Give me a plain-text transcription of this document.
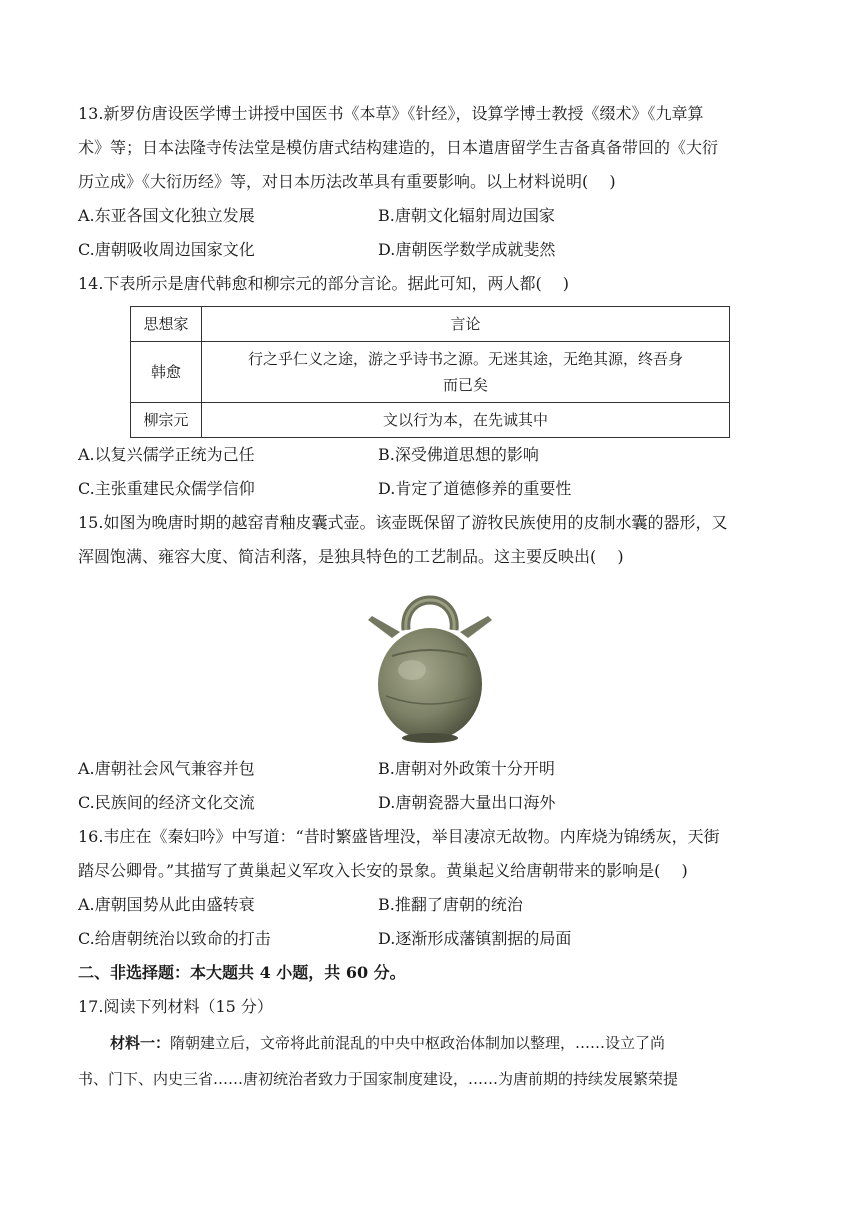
13.新罗仿唐设医学博士讲授中国医书《本草》《针经》，设算学博士教授《缀术》《九章算
术》等；日本法隆寺传法堂是模仿唐式结构建造的，日本遣唐留学生吉备真备带回的《大衍
历立成》《大衍历经》等，对日本历法改革具有重要影响。以上材料说明(　 )
A.东亚各国文化独立发展	B.唐朝文化辐射周边国家
C.唐朝吸收周边国家文化	D.唐朝医学数学成就斐然
14.下表所示是唐代韩愈和柳宗元的部分言论。据此可知，两人都(　 )
思想家	言论
韩愈	行之乎仁义之途，游之乎诗书之源。无迷其途，无绝其源，终吾身
而已矣

柳宗元	文以行为本，在先诚其中
A.以复兴儒学正统为己任	B.深受佛道思想的影响
C.主张重建民众儒学信仰	D.肯定了道德修养的重要性
15.如图为晚唐时期的越窑青釉皮囊式壶。该壶既保留了游牧民族使用的皮制水囊的器形，又
浑圆饱满、雍容大度、简洁利落，是独具特色的工艺制品。这主要反映出(　 )
A.唐朝社会风气兼容并包	B.唐朝对外政策十分开明
C.民族间的经济文化交流	D.唐朝瓷器大量出口海外
16.韦庄在《秦妇吟》中写道：“昔时繁盛皆埋没，举目凄凉无故物。内库烧为锦绣灰，天街
踏尽公卿骨。”其描写了黄巢起义军攻入长安的景象。黄巢起义给唐朝带来的影响是(　 )
A.唐朝国势从此由盛转衰	B.推翻了唐朝的统治
C.给唐朝统治以致命的打击	D.逐渐形成藩镇割据的局面
二、非选择题：本大题共 4 小题，共 60 分。
17.阅读下列材料（15 分）
材料一：隋朝建立后，文帝将此前混乱的中央中枢政治体制加以整理，……设立了尚
书、门下、内史三省……唐初统治者致力于国家制度建设，……为唐前期的持续发展繁荣提
